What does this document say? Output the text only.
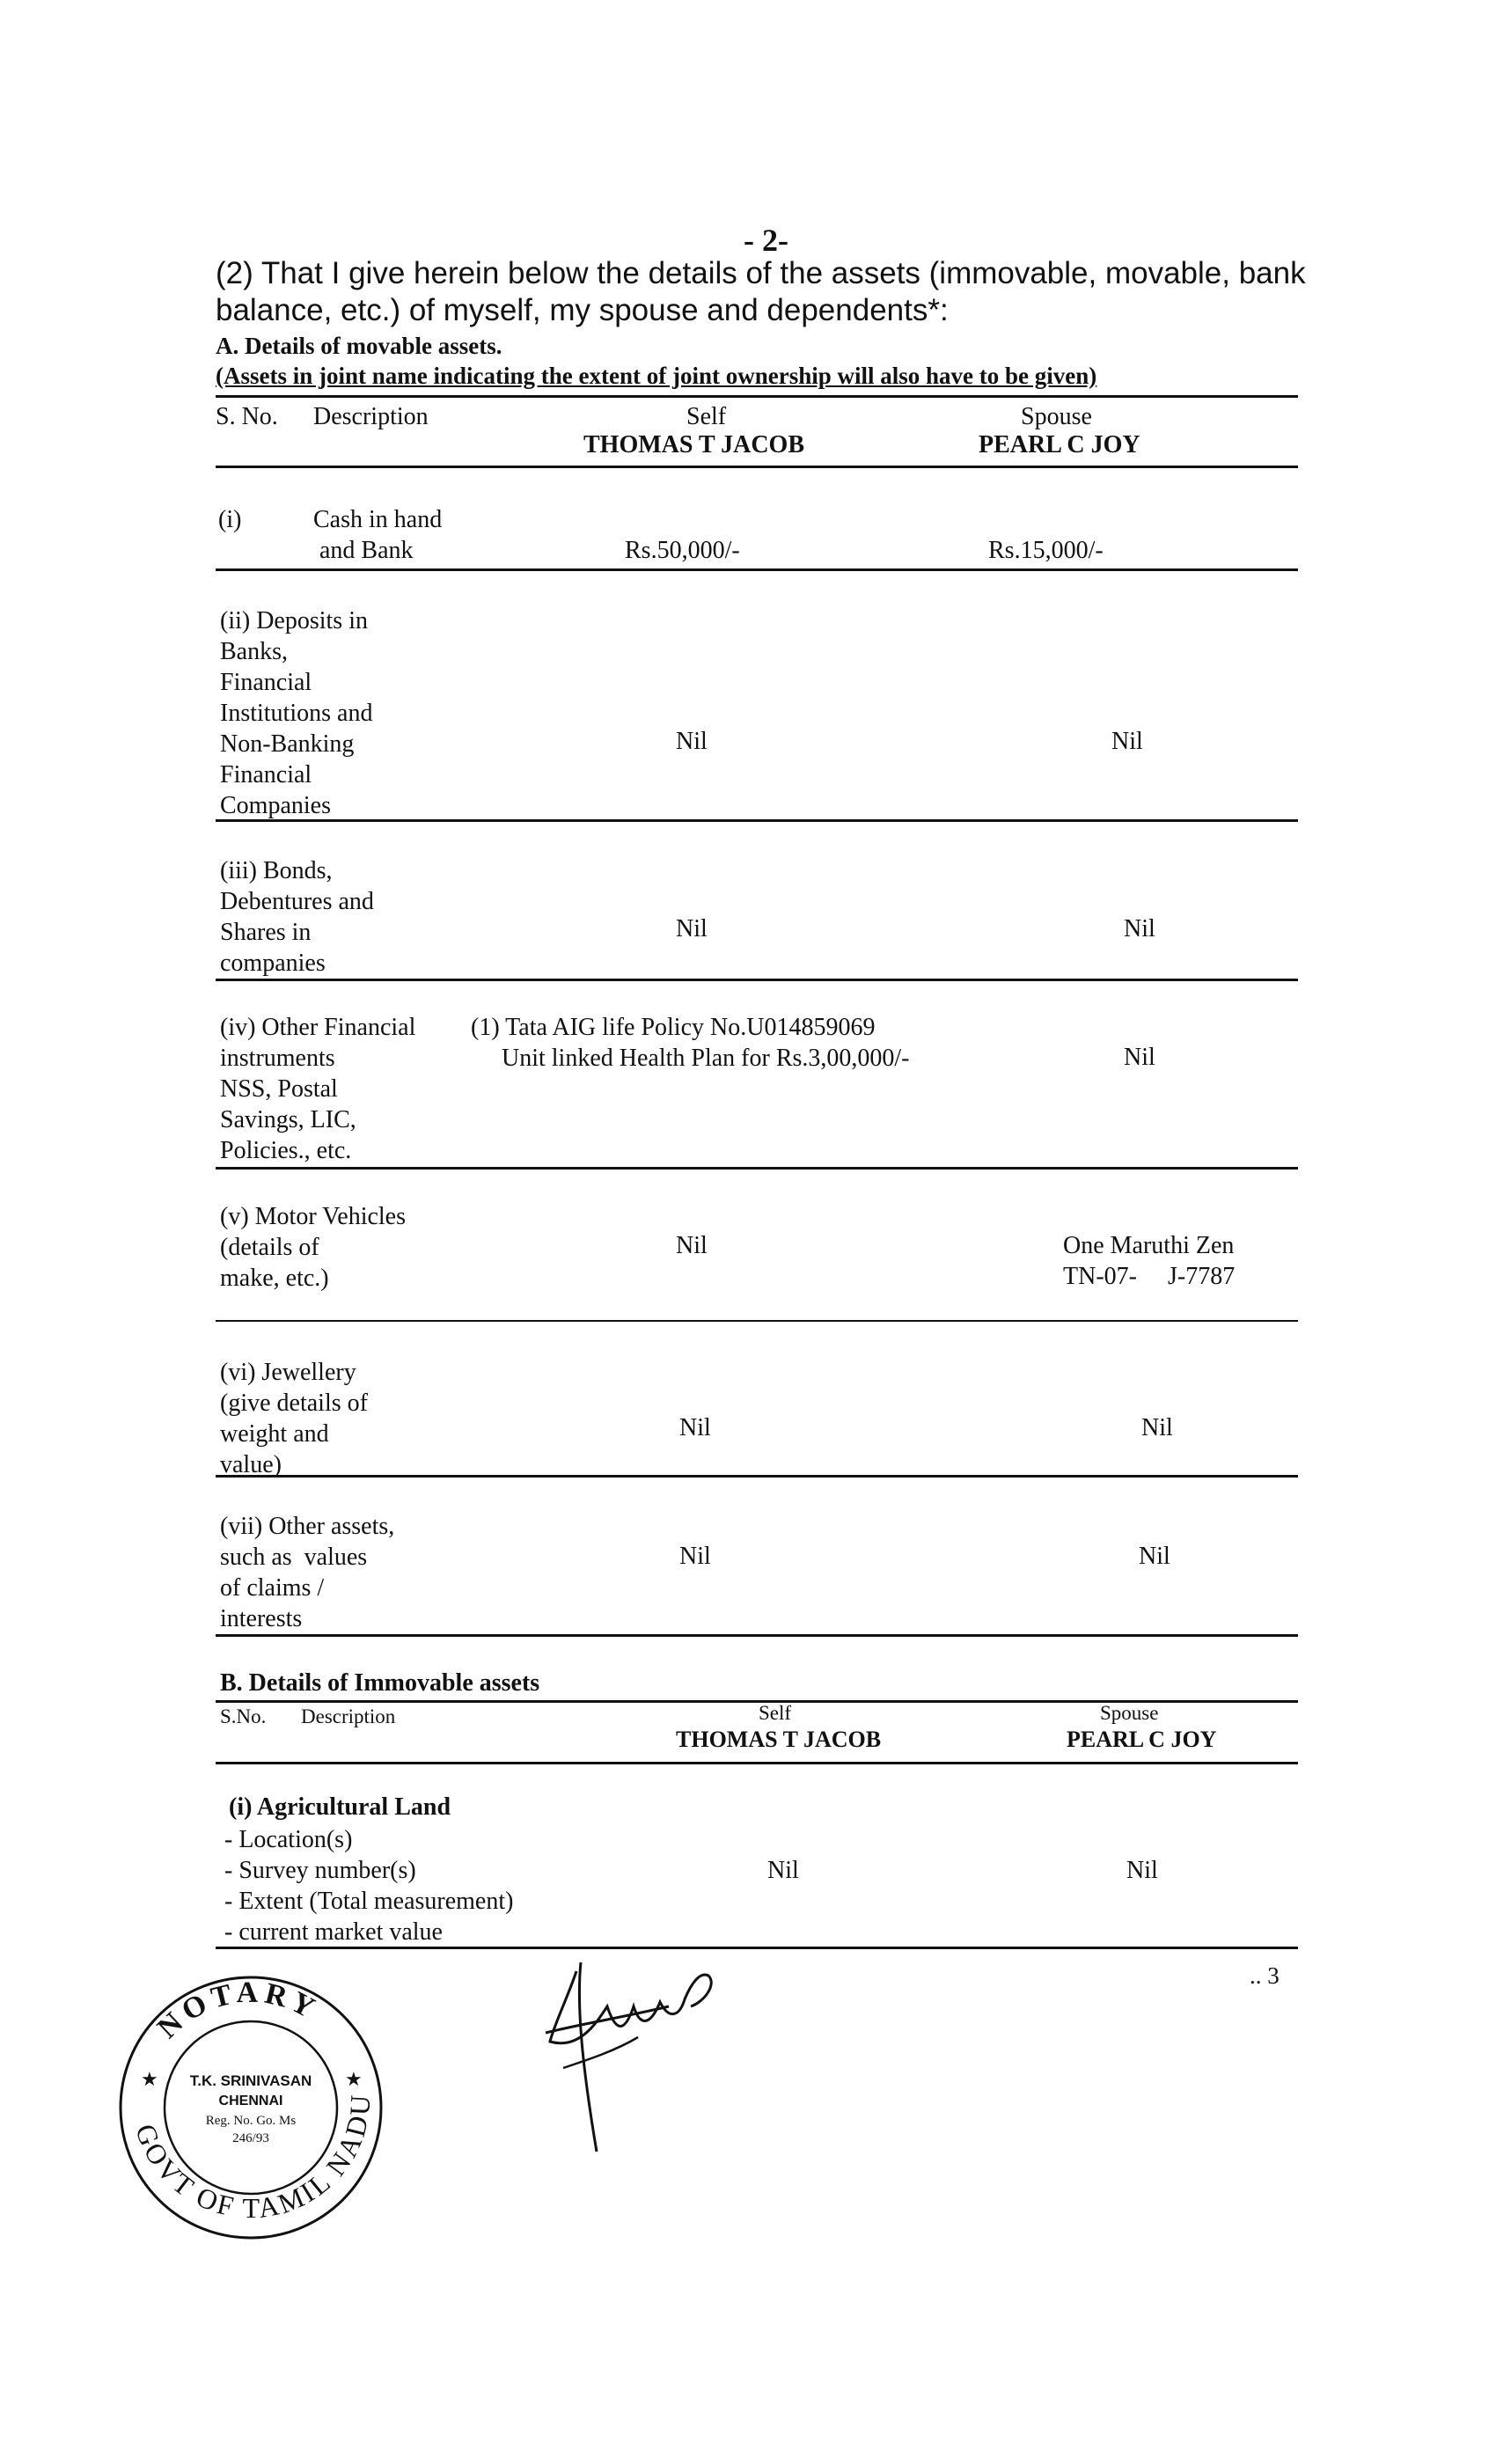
- 2-
(2) That I give herein below the details of the assets (immovable, movable, bank balance, etc.) of myself, my spouse and dependents*:
A. Details of movable assets.
(Assets in joint name indicating the extent of joint ownership will also have to be given)
S. No. Description	Self
THOMAS T JACOB
Spouse
PEARL C JOY
(i)	Cash in hand
and Bank	Rs.50,000/-	Rs.15,000/-
(ii) Deposits in
Banks,
Financial
Institutions and
Non-Banking
Financial
Companies
Nil	Nil
(iii) Bonds,
Debentures and
Shares in
companies
Nil	Nil
(iv) Other Financial
instruments
NSS, Postal
Savings, LIC,
Policies., etc.
(1) Tata AIG life Policy No.U014859069
Unit linked Health Plan for Rs.3,00,000/-	Nil
(v) Motor Vehicles
(details of
make, etc.)
Nil	One Maruthi Zen
TN-07-     J-7787
(vi) Jewellery
(give details of
weight and
value)
Nil	Nil
(vii) Other assets,
such as  values
of claims /
interests
Nil	Nil
B. Details of Immovable assets
S.No. Description	Self
THOMAS T JACOB
Spouse
PEARL C JOY
(i) Agricultural Land
- Location(s)
- Survey number(s)
- Extent (Total measurement)
- current market value
Nil	Nil
.. 3
NOTARY
GOVT OF TAMIL NADU
★	★
T.K. SRINIVASAN
CHENNAI
Reg. No. Go. Ms
246/93
